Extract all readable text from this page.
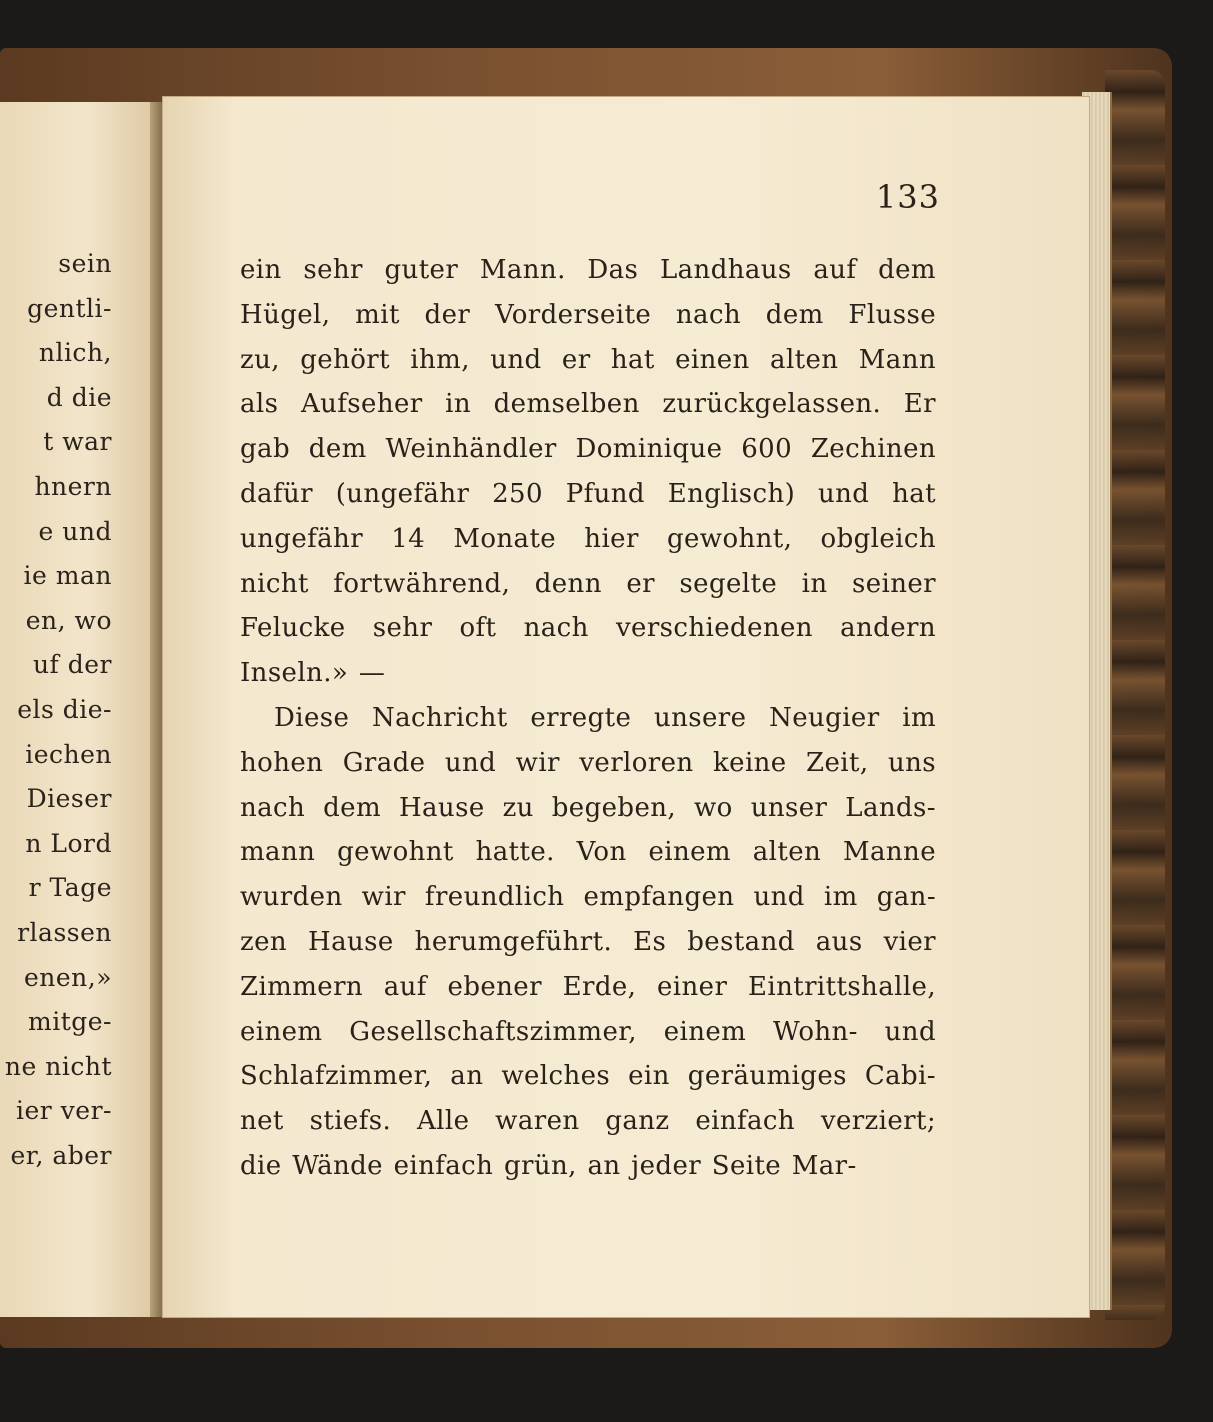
sein
gentli-
nlich,
d die
t war
hnern
e und
ie man
en, wo
uf der
els die-
iechen
Dieser
n Lord
r Tage
rlassen
enen,»
mitge-
ne nicht
ier ver-
er, aber
133
ein sehr guter Mann. Das Landhaus auf dem
Hügel, mit der Vorderseite nach dem Flusse
zu, gehört ihm, und er hat einen alten Mann
als Aufseher in demselben zurückgelassen. Er
gab dem Weinhändler Dominique 600 Zechinen
dafür (ungefähr 250 Pfund Englisch) und hat
ungefähr 14 Monate hier gewohnt, obgleich
nicht fortwährend, denn er segelte in seiner
Felucke sehr oft nach verschiedenen andern
Inseln.» —
Diese Nachricht erregte unsere Neugier im
hohen Grade und wir verloren keine Zeit, uns
nach dem Hause zu begeben, wo unser Lands-
mann gewohnt hatte. Von einem alten Manne
wurden wir freundlich empfangen und im gan-
zen Hause herumgeführt. Es bestand aus vier
Zimmern auf ebener Erde, einer Eintrittshalle,
einem Gesellschaftszimmer, einem Wohn- und
Schlafzimmer, an welches ein geräumiges Cabi-
net stiefs. Alle waren ganz einfach verziert;
die Wände einfach grün, an jeder Seite Mar-
